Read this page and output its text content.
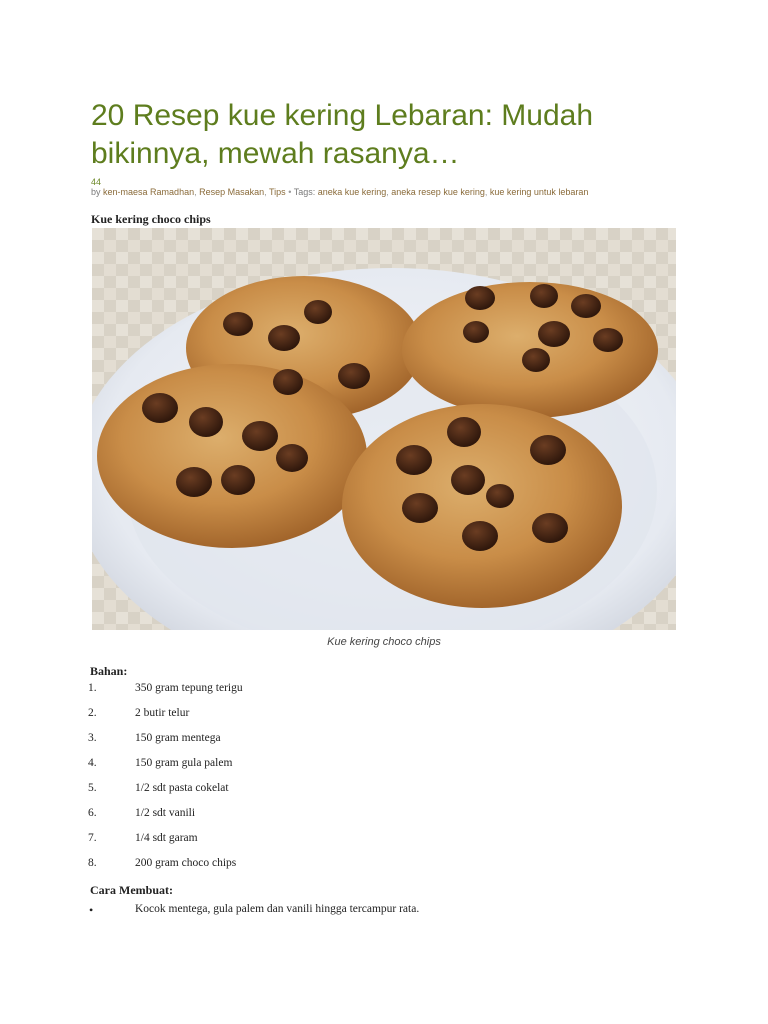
20 Resep kue kering Lebaran: Mudah bikinnya, mewah rasanya…
44
by ken-maesa Ramadhan, Resep Masakan, Tips • Tags: aneka kue kering, aneka resep kue kering, kue kering untuk lebaran
Kue kering choco chips
Kue kering choco chips
Bahan:
1.	350 gram tepung terigu
2.	2 butir telur
3.	150 gram mentega
4.	150 gram gula palem
5.	1/2 sdt pasta cokelat
6.	1/2 sdt vanili
7.	1/4 sdt garam
8.	200 gram choco chips
Cara Membuat:
•	Kocok mentega, gula palem dan vanili hingga tercampur rata.
